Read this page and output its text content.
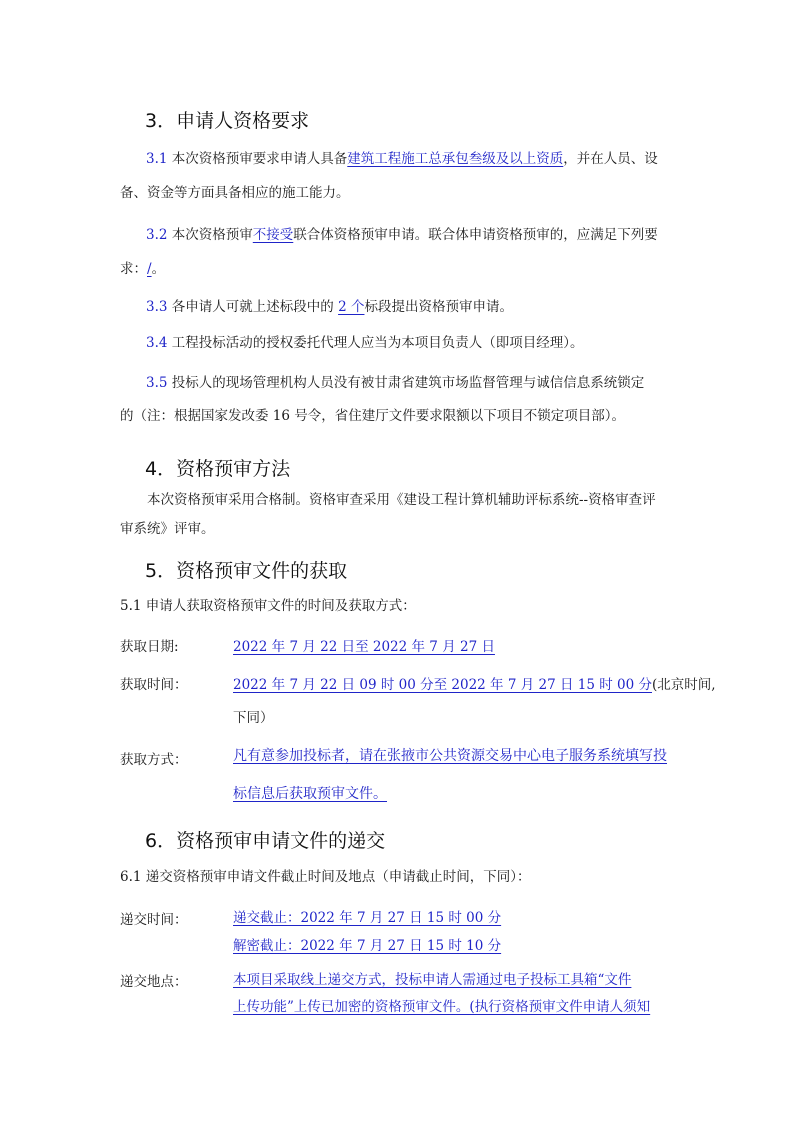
3．申请人资格要求
3.1 本次资格预审要求申请人具备建筑工程施工总承包叁级及以上资质，并在人员、设
备、资金等方面具备相应的施工能力。
3.2 本次资格预审不接受联合体资格预审申请。联合体申请资格预审的，应满足下列要
求：/。
3.3 各申请人可就上述标段中的 2 个标段提出资格预审申请。
3.4 工程投标活动的授权委托代理人应当为本项目负责人（即项目经理）。
3.5 投标人的现场管理机构人员没有被甘肃省建筑市场监督管理与诚信信息系统锁定
的（注：根据国家发改委 16 号令，省住建厅文件要求限额以下项目不锁定项目部）。
4．资格预审方法
本次资格预审采用合格制。资格审查采用《建设工程计算机辅助评标系统--资格审查评
审系统》评审。
5．资格预审文件的获取
5.1 申请人获取资格预审文件的时间及获取方式：
获取日期:	2022 年 7 月 22 日至 2022 年 7 月 27 日
获取时间：	2022 年 7 月 22 日 09 时 00 分至 2022 年 7 月 27 日 15 时 00 分(北京时间,
下同）
获取方式：	凡有意参加投标者，请在张掖市公共资源交易中心电子服务系统填写投
标信息后获取预审文件。
6．资格预审申请文件的递交
6.1 递交资格预审申请文件截止时间及地点（申请截止时间，下同）：
递交时间：	递交截止：2022 年 7 月 27 日 15 时 00 分
解密截止：2022 年 7 月 27 日 15 时 10 分
递交地点：	本项目采取线上递交方式，投标申请人需通过电子投标工具箱“文件
上传功能”上传已加密的资格预审文件。(执行资格预审文件申请人须知
